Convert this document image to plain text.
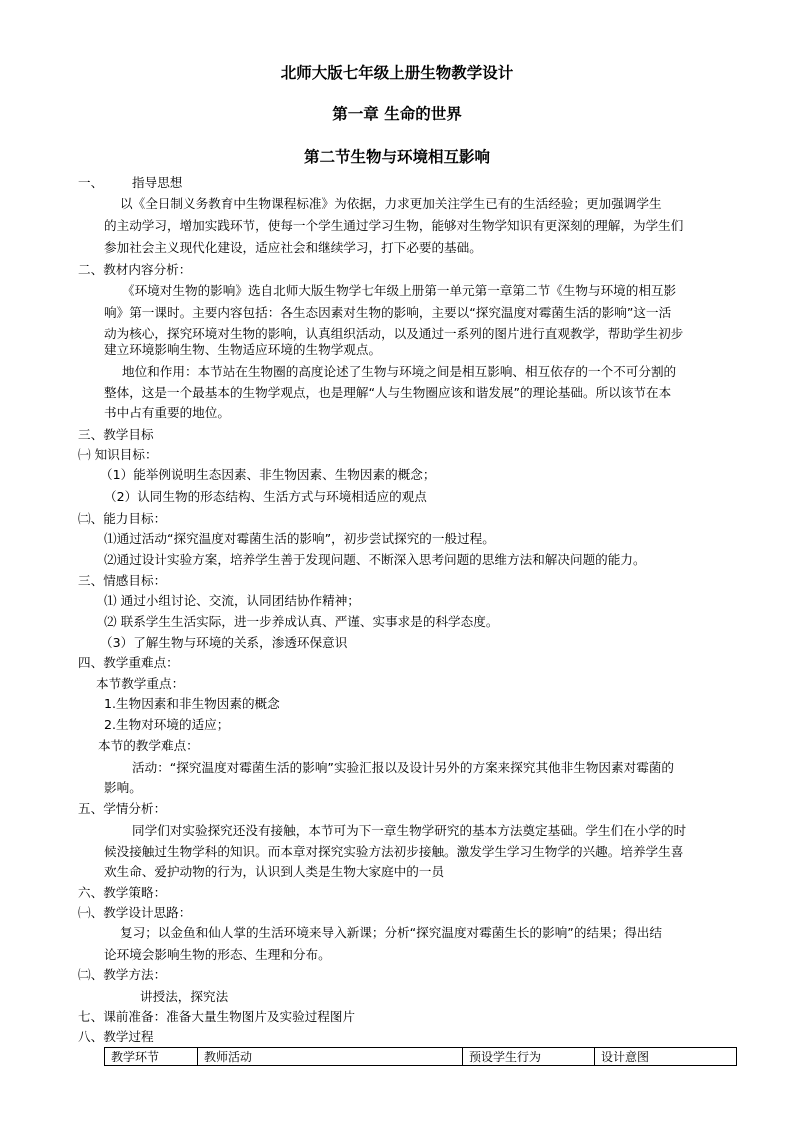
北师大版七年级上册生物教学设计
第一章 生命的世界
第二节生物与环境相互影响
一、 指导思想
以《全日制义务教育中生物课程标准》为依据，力求更加关注学生已有的生活经验；更加强调学生
的主动学习，增加实践环节，使每一个学生通过学习生物，能够对生物学知识有更深刻的理解，为学生们
参加社会主义现代化建设，适应社会和继续学习，打下必要的基础。
二、教材内容分析：
《环境对生物的影响》选自北师大版生物学七年级上册第一单元第一章第二节《生物与环境的相互影
响》第一课时。主要内容包括：各生态因素对生物的影响，主要以“探究温度对霉菌生活的影响”这一活
动为核心，探究环境对生物的影响，认真组织活动，以及通过一系列的图片进行直观教学，帮助学生初步
建立环境影响生物、生物适应环境的生物学观点。
地位和作用：本节站在生物圈的高度论述了生物与环境之间是相互影响、相互依存的一个不可分割的
整体，这是一个最基本的生物学观点，也是理解“人与生物圈应该和谐发展”的理论基础。所以该节在本
书中占有重要的地位。
三、教学目标
㈠ 知识目标：
（1）能举例说明生态因素、非生物因素、生物因素的概念；
（2）认同生物的形态结构、生活方式与环境相适应的观点
㈡、能力目标：
⑴通过活动“探究温度对霉菌生活的影响”，初步尝试探究的一般过程。
⑵通过设计实验方案，培养学生善于发现问题、不断深入思考问题的思维方法和解决问题的能力。
三、情感目标：
⑴ 通过小组讨论、交流，认同团结协作精神；
⑵ 联系学生生活实际，进一步养成认真、严谨、实事求是的科学态度。
（3）了解生物与环境的关系，渗透环保意识
四、教学重难点：
本节教学重点：
1.生物因素和非生物因素的概念
2.生物对环境的适应；
本节的教学难点：
活动：“探究温度对霉菌生活的影响”实验汇报以及设计另外的方案来探究其他非生物因素对霉菌的
影响。
五、学情分析：
同学们对实验探究还没有接触，本节可为下一章生物学研究的基本方法奠定基础。学生们在小学的时
候没接触过生物学科的知识。而本章对探究实验方法初步接触。激发学生学习生物学的兴趣。培养学生喜
欢生命、爱护动物的行为，认识到人类是生物大家庭中的一员
六、教学策略：
㈠、教学设计思路：
复习；以金鱼和仙人掌的生活环境来导入新课；分析“探究温度对霉菌生长的影响”的结果；得出结
论环境会影响生物的形态、生理和分布。
㈡、教学方法：
讲授法，探究法
七、课前准备：准备大量生物图片及实验过程图片
八、教学过程
教学环节	教师活动	预设学生行为	设计意图
